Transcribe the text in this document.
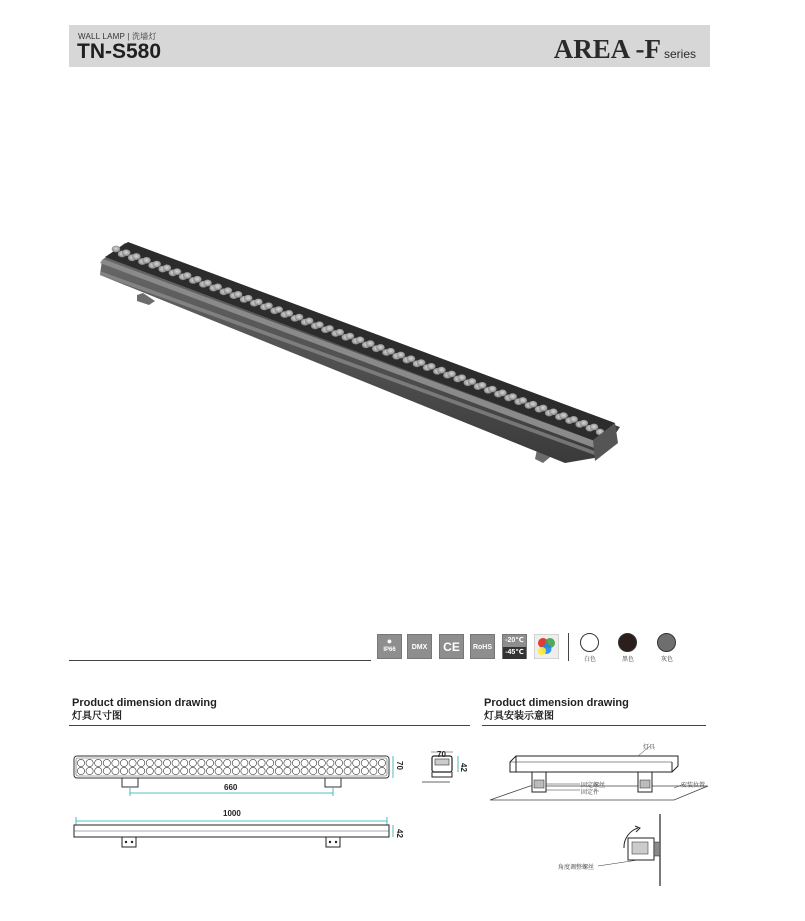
WALL LAMP | 洗墙灯
TN-S580	AREA -F series
●
IP66	DMX	CE	RoHS
-20℃
-45℃
白色	黑色	灰色
Product dimension drawing
灯具尺寸图
Product dimension drawing
灯具安装示意图
70
660
70
42
1000
42
灯具
固定螺丝
固定件
安装位置
角度调整螺丝
